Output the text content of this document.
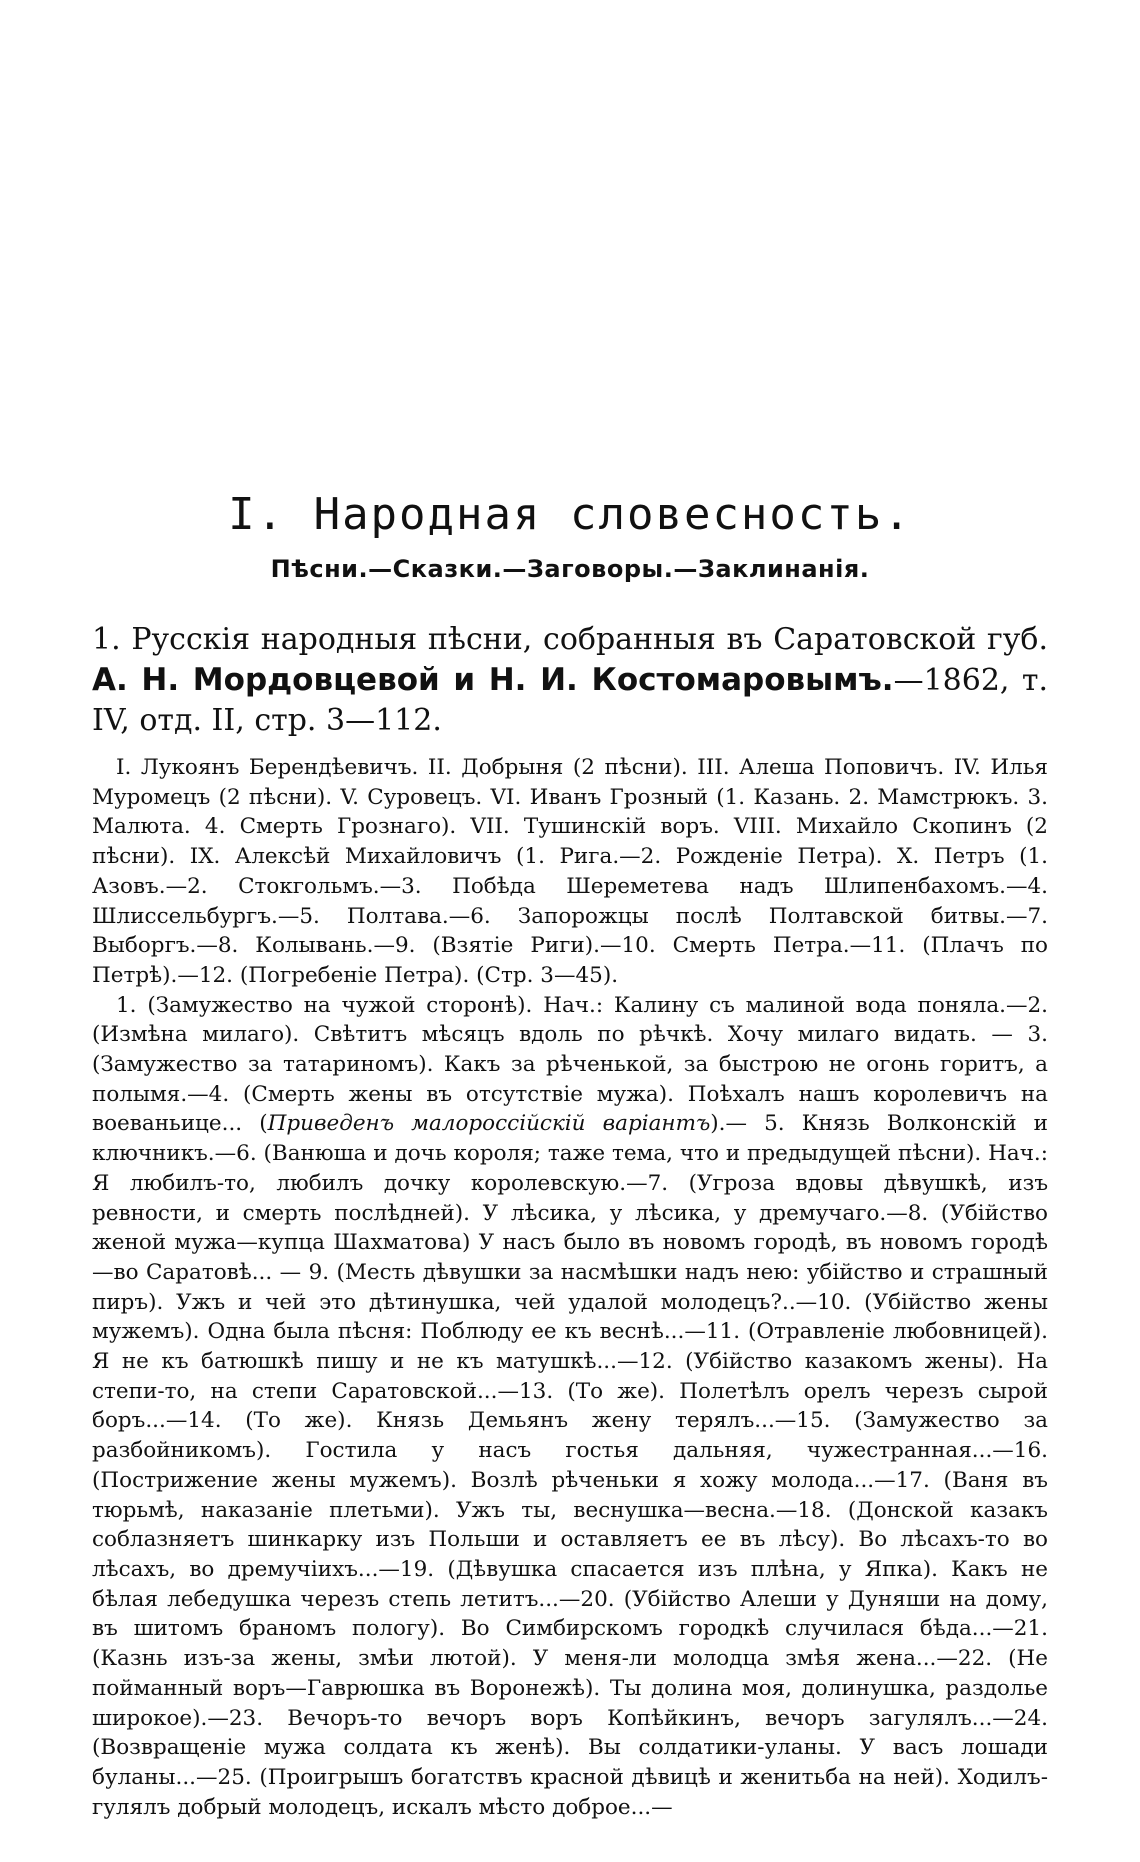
I. Народная словесность.
Пѣсни.—Сказки.—Заговоры.—Заклинанія.

1. Русскія народныя пѣсни, собранныя въ Саратовской губ. А. Н. Мордовцевой и Н. И. Костомаровымъ.—1862, т. IV, отд. II, стр. 3—112.

I. Лукоянъ Берендѣевичъ. II. Добрыня (2 пѣсни). III. Алеша Поповичъ. IV. Илья Муромецъ (2 пѣсни). V. Суровецъ. VI. Иванъ Грозный (1. Казань. 2. Мамстрюкъ. 3. Малюта. 4. Смерть Грознаго). VII. Тушинскій воръ. VIII. Михайло Скопинъ (2 пѣсни). IX. Алексѣй Михайловичъ (1. Рига.—2. Рожденіе Петра). X. Петръ (1. Азовъ.—2. Стокгольмъ.—3. Побѣда Шереметева надъ Шлипенбахомъ.—4. Шлиссельбургъ.—5. Полтава.—6. Запорожцы послѣ Полтавской битвы.—7. Выборгъ.—8. Колывань.—9. (Взятіе Риги).—10. Смерть Петра.—11. (Плачъ по Петрѣ).—12. (Погребеніе Петра). (Стр. 3—45).

1. (Замужество на чужой сторонѣ). Нач.: Калину съ малиной вода поняла.—2. (Измѣна милаго). Свѣтитъ мѣсяцъ вдоль по рѣчкѣ. Хочу милаго видать. — 3. (Замужество за татариномъ). Какъ за рѣченькой, за быстрою не огонь горитъ, а полымя.—4. (Смерть жены въ отсутствіе мужа). Поѣхалъ нашъ королевичъ на воеваньице... (Приведенъ малороссійскій варіантъ).— 5. Князь Волконскій и ключникъ.—6. (Ванюша и дочь короля; таже тема, что и предыдущей пѣсни). Нач.: Я любилъ-то, любилъ дочку королевскую.—7. (Угроза вдовы дѣвушкѣ, изъ ревности, и смерть послѣдней). У лѣсика, у лѣсика, у дремучаго.—8. (Убійство женой мужа—купца Шахматова) У насъ было въ новомъ городѣ, въ новомъ городѣ—во Саратовѣ... — 9. (Месть дѣвушки за насмѣшки надъ нею: убійство и страшный пиръ). Ужъ и чей это дѣтинушка, чей удалой молодецъ?..—10. (Убійство жены мужемъ). Одна была пѣсня: Поблюду ее къ веснѣ...—11. (Отравленіе любовницей). Я не къ батюшкѣ пишу и не къ матушкѣ...—12. (Убійство казакомъ жены). На степи-то, на степи Саратовской...—13. (То же). Полетѣлъ орелъ черезъ сырой боръ...—14. (То же). Князь Демьянъ жену терялъ...—15. (Замужество за разбойникомъ). Гостила у насъ гостья дальняя, чужестранная...—16. (Пострижение жены мужемъ). Возлѣ рѣченьки я хожу молода...—17. (Ваня въ тюрьмѣ, наказаніе плетьми). Ужъ ты, веснушка—весна.—18. (Донской казакъ соблазняетъ шинкарку изъ Польши и оставляетъ ее въ лѣсу). Во лѣсахъ-то во лѣсахъ, во дремучіихъ...—19. (Дѣвушка спасается изъ плѣна, у Япка). Какъ не бѣлая лебедушка черезъ степь летитъ...—20. (Убійство Алеши у Дуняши на дому, въ шитомъ браномъ пологу). Во Симбирскомъ городкѣ случилася бѣда...—21. (Казнь изъ-за жены, змѣи лютой). У меня-ли молодца змѣя жена...—22. (Не пойманный воръ—Гаврюшка въ Воронежѣ). Ты долина моя, долинушка, раздолье широкое).—23. Вечоръ-то вечоръ воръ Копѣйкинъ, вечоръ загулялъ...—24. (Возвращеніе мужа солдата къ женѣ). Вы солдатики-уланы. У васъ лошади буланы...—25. (Проигрышъ богатствъ красной дѣвицѣ и женитьба на ней). Ходилъ-гулялъ добрый молодецъ, искалъ мѣсто доброе...—
